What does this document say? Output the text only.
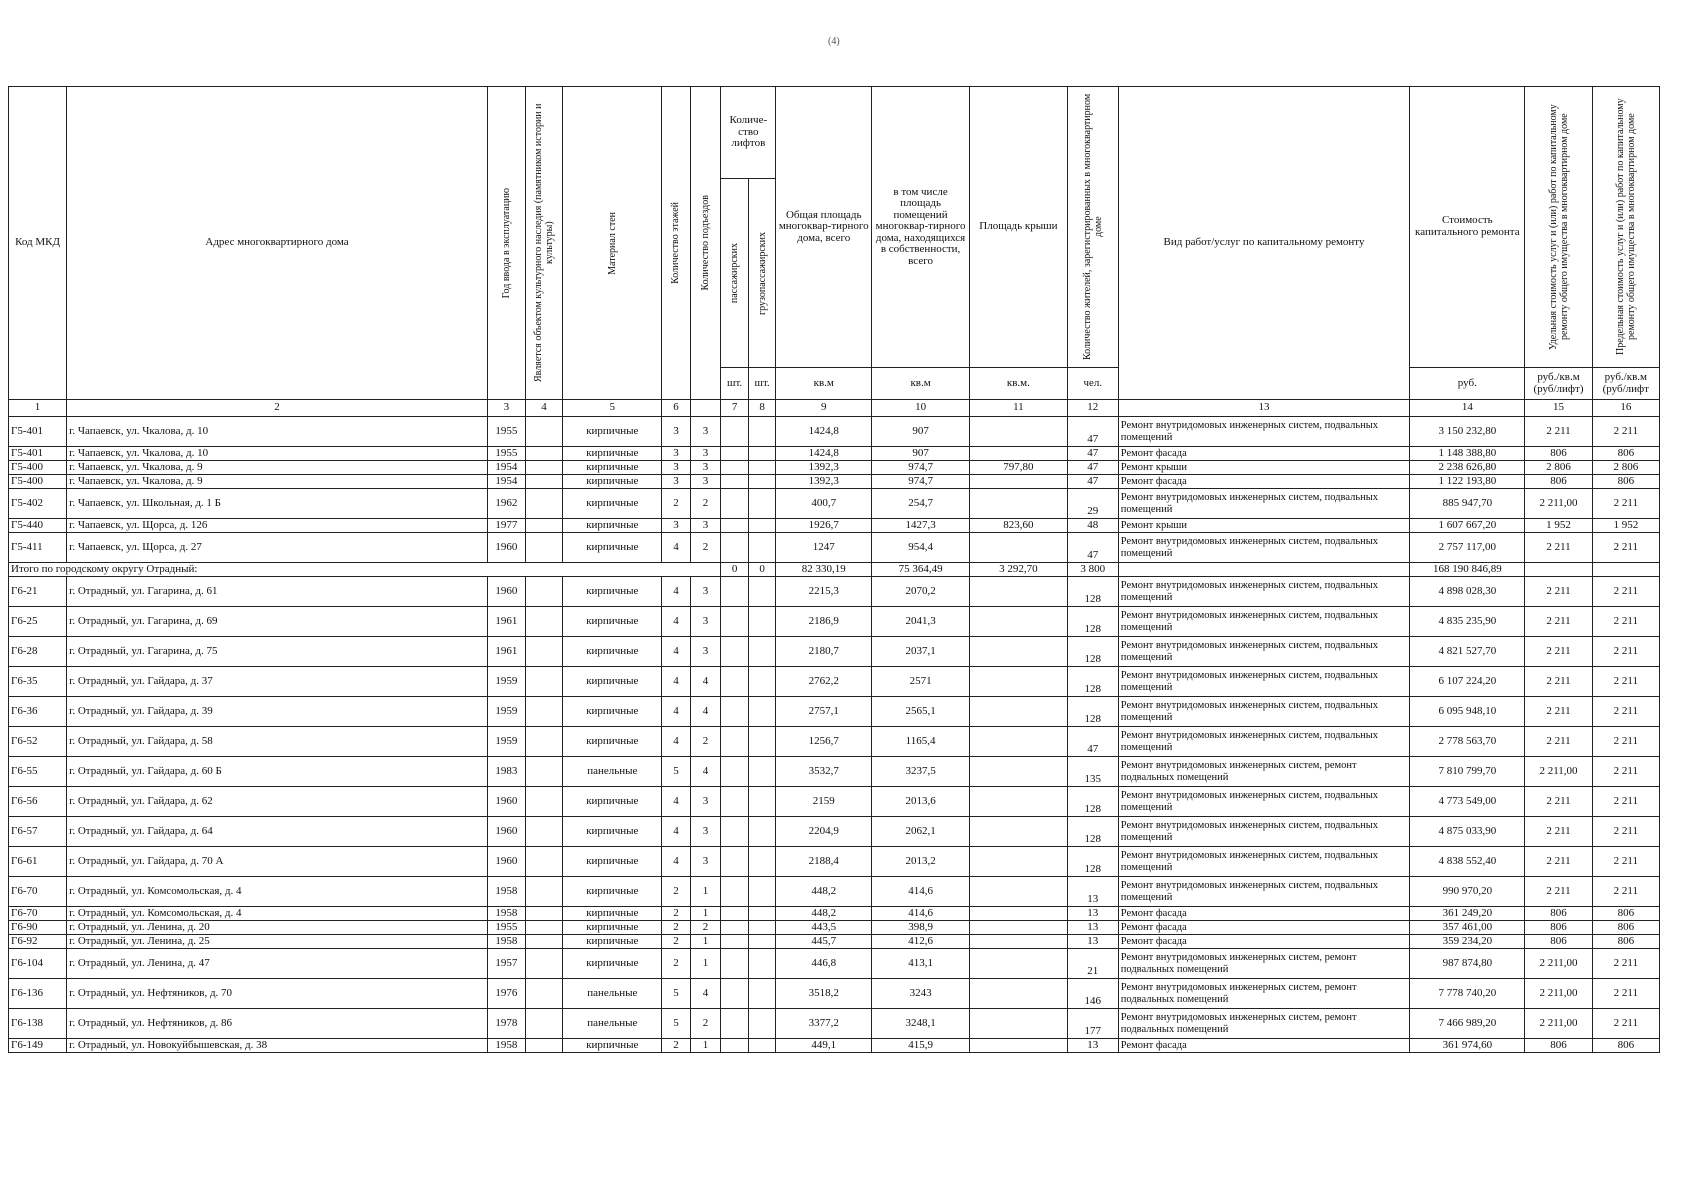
(4)
Код МКД	Адрес многоквартирного дома	Год ввода в эксплуатацию	Является объектом культурного наследия (памятником истории и культуры)	Материал стен	Количество этажей	Количество подъездов	Количе-ство лифтов		Общая площадь многоквар-тирного дома, всего	в том числе площадь помещений многоквар-тирного дома, находящихся в собственности, всего	Площадь крыши	Количество жителей, зарегистрированных в многоквартирном доме	Вид работ/услуг по капитальному ремонту	Стоимость капитального ремонта	Удельная стоимость услуг и (или) работ по капитальному ремонту общего имущества в многоквартирном доме	Предельная стоимость услуг и (или) работ по капитальному ремонту общего имущества в многоквартирном доме

							пассажирских	грузопассажирских								

							шт.	шт.	кв.м	кв.м	кв.м.	чел.		руб.	руб./кв.м (руб/лифт)	руб./кв.м (руб/лифт
1	2	3	4	5	6		7	8	9	10	11	12	13	14	15	16
Г5-401	г. Чапаевск, ул. Чкалова, д. 10	1955		кирпичные	3	3			1424,8	907		47	Ремонт внутридомовых инженерных систем, подвальных помещений	3 150 232,80	2 211	2 211
Г5-401	г. Чапаевск, ул. Чкалова, д. 10	1955		кирпичные	3	3			1424,8	907		47	Ремонт фасада	1 148 388,80	806	806
Г5-400	г. Чапаевск, ул. Чкалова, д. 9	1954		кирпичные	3	3			1392,3	974,7	797,80	47	Ремонт крыши	2 238 626,80	2 806	2 806
Г5-400	г. Чапаевск, ул. Чкалова, д. 9	1954		кирпичные	3	3			1392,3	974,7		47	Ремонт фасада	1 122 193,80	806	806
Г5-402	г. Чапаевск, ул. Школьная, д. 1 Б	1962		кирпичные	2	2			400,7	254,7		29	Ремонт внутридомовых инженерных систем, подвальных помещений	885 947,70	2 211,00	2 211
Г5-440	г. Чапаевск, ул. Щорса, д. 126	1977		кирпичные	3	3			1926,7	1427,3	823,60	48	Ремонт крыши	1 607 667,20	1 952	1 952
Г5-411	г. Чапаевск, ул. Щорса, д. 27	1960		кирпичные	4	2			1247	954,4		47	Ремонт внутридомовых инженерных систем, подвальных помещений	2 757 117,00	2 211	2 211
Итого по городскому округу Отрадный:							0	0	82 330,19	75 364,49	3 292,70	3 800		168 190 846,89		
Г6-21	г. Отрадный, ул. Гагарина, д. 61	1960		кирпичные	4	3			2215,3	2070,2		128	Ремонт внутридомовых инженерных систем, подвальных помещений	4 898 028,30	2 211	2 211
Г6-25	г. Отрадный, ул. Гагарина, д. 69	1961		кирпичные	4	3			2186,9	2041,3		128	Ремонт внутридомовых инженерных систем, подвальных помещений	4 835 235,90	2 211	2 211
Г6-28	г. Отрадный, ул. Гагарина, д. 75	1961		кирпичные	4	3			2180,7	2037,1		128	Ремонт внутридомовых инженерных систем, подвальных помещений	4 821 527,70	2 211	2 211
Г6-35	г. Отрадный, ул. Гайдара, д. 37	1959		кирпичные	4	4			2762,2	2571		128	Ремонт внутридомовых инженерных систем, подвальных помещений	6 107 224,20	2 211	2 211
Г6-36	г. Отрадный, ул. Гайдара, д. 39	1959		кирпичные	4	4			2757,1	2565,1		128	Ремонт внутридомовых инженерных систем, подвальных помещений	6 095 948,10	2 211	2 211
Г6-52	г. Отрадный, ул. Гайдара, д. 58	1959		кирпичные	4	2			1256,7	1165,4		47	Ремонт внутридомовых инженерных систем, подвальных помещений	2 778 563,70	2 211	2 211
Г6-55	г. Отрадный, ул. Гайдара, д. 60 Б	1983		панельные	5	4			3532,7	3237,5		135	Ремонт внутридомовых инженерных систем, ремонт подвальных помещений	7 810 799,70	2 211,00	2 211
Г6-56	г. Отрадный, ул. Гайдара, д. 62	1960		кирпичные	4	3			2159	2013,6		128	Ремонт внутридомовых инженерных систем, подвальных помещений	4 773 549,00	2 211	2 211
Г6-57	г. Отрадный, ул. Гайдара, д. 64	1960		кирпичные	4	3			2204,9	2062,1		128	Ремонт внутридомовых инженерных систем, подвальных помещений	4 875 033,90	2 211	2 211
Г6-61	г. Отрадный, ул. Гайдара, д. 70 А	1960		кирпичные	4	3			2188,4	2013,2		128	Ремонт внутридомовых инженерных систем, подвальных помещений	4 838 552,40	2 211	2 211
Г6-70	г. Отрадный, ул. Комсомольская, д. 4	1958		кирпичные	2	1			448,2	414,6		13	Ремонт внутридомовых инженерных систем, подвальных помещений	990 970,20	2 211	2 211
Г6-70	г. Отрадный, ул. Комсомольская, д. 4	1958		кирпичные	2	1			448,2	414,6		13	Ремонт фасада	361 249,20	806	806
Г6-90	г. Отрадный, ул. Ленина, д. 20	1955		кирпичные	2	2			443,5	398,9		13	Ремонт фасада	357 461,00	806	806
Г6-92	г. Отрадный, ул. Ленина, д. 25	1958		кирпичные	2	1			445,7	412,6		13	Ремонт фасада	359 234,20	806	806
Г6-104	г. Отрадный, ул. Ленина, д. 47	1957		кирпичные	2	1			446,8	413,1		21	Ремонт внутридомовых инженерных систем, ремонт подвальных помещений	987 874,80	2 211,00	2 211
Г6-136	г. Отрадный, ул. Нефтяников, д. 70	1976		панельные	5	4			3518,2	3243		146	Ремонт внутридомовых инженерных систем, ремонт подвальных помещений	7 778 740,20	2 211,00	2 211
Г6-138	г. Отрадный, ул. Нефтяников, д. 86	1978		панельные	5	2			3377,2	3248,1		177	Ремонт внутридомовых инженерных систем, ремонт подвальных помещений	7 466 989,20	2 211,00	2 211
Г6-149	г. Отрадный, ул. Новокуйбышевская, д. 38	1958		кирпичные	2	1			449,1	415,9		13	Ремонт фасада	361 974,60	806	806
